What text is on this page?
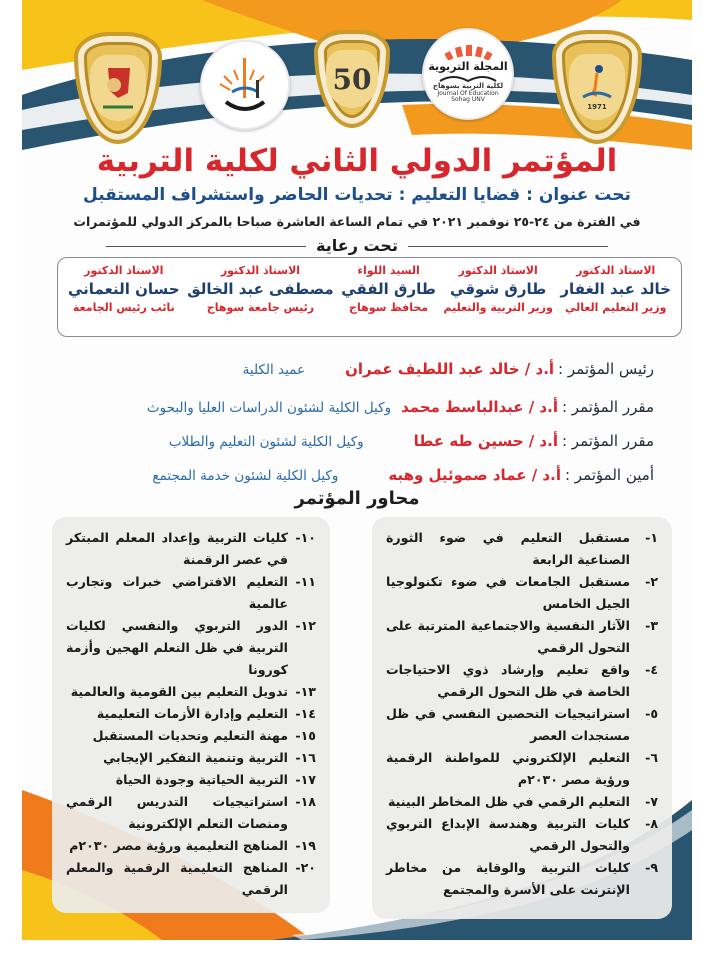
50	المجلة التربوية
لكلية التربية بسوهاج
Journal Of Education
Sohag UNV
1971
المؤتمر الدولي الثاني لكلية التربية
تحت عنوان : قضايا التعليم : تحديات الحاضر واستشراف المستقبل
في الفترة من ٢٤-٢٥ نوفمبر ٢٠٢١ في تمام الساعة العاشرة صباحا بالمركز الدولي للمؤتمرات
تحت رعاية
الاستاذ الدكتور
خالد عبد الغفار
وزير التعليم العالي
الاستاذ الدكتور
طارق شوقي
وزير التربية والتعليم
السيد اللواء
طارق الفقي
محافظ سوهاج
الاستاذ الدكتور
مصطفى عبد الخالق
رئيس جامعة سوهاج
الاستاذ الدكتور
حسان النعماني
نائب رئيس الجامعة
رئيس المؤتمر :
أ.د / خالد عبد اللطيف عمران
عميد الكلية
مقرر المؤتمر :
أ.د / عبدالباسط محمد
وكيل الكلية لشئون الدراسات العليا والبحوث
مقرر المؤتمر :
أ.د / حسين طه عطا
وكيل الكلية لشئون التعليم والطلاب
أمين المؤتمر :
أ.د / عماد صموئيل وهبه
وكيل الكلية لشئون خدمة المجتمع
محاور المؤتمر
١-
مستقبل التعليم في ضوء الثورة الصناعية الرابعة
٢-
مستقبل الجامعات في ضوء تكنولوجيا الجيل الخامس
٣-
الآثار النفسية والاجتماعية المترتبة على التحول الرقمي
٤-
واقع تعليم وإرشاد ذوي الاحتياجات الخاصة في ظل التحول الرقمي
٥-
استراتيجيات التحصين النفسي في ظل مستجدات العصر
٦-
التعليم الإلكتروني للمواطنة الرقمية ورؤية مصر ٢٠٣٠م
٧-
التعليم الرقمي في ظل المخاطر البينية
٨-
كليات التربية وهندسة الإبداع التربوي والتحول الرقمي
٩-
كليات التربية والوقاية من مخاطر الإنترنت على الأسرة والمجتمع
١٠-
كليات التربية وإعداد المعلم المبتكر في عصر الرقمنة
١١-
التعليم الافتراضي خبرات وتجارب عالمية
١٢-
الدور التربوي والنفسي لكليات التربية في ظل التعلم الهجين وأزمة كورونا
١٣-
تدويل التعليم بين القومية والعالمية
١٤-
التعليم وإدارة الأزمات التعليمية
١٥-
مهنة التعليم وتحديات المستقبل
١٦-
التربية وتنمية التفكير الإيجابي
١٧-
التربية الحياتية وجودة الحياة
١٨-
استراتيجيات التدريس الرقمي ومنصات التعلم الإلكترونية
١٩-
المناهج التعليمية ورؤية مصر ٢٠٣٠م
٢٠-
المناهج التعليمية الرقمية والمعلم الرقمي
